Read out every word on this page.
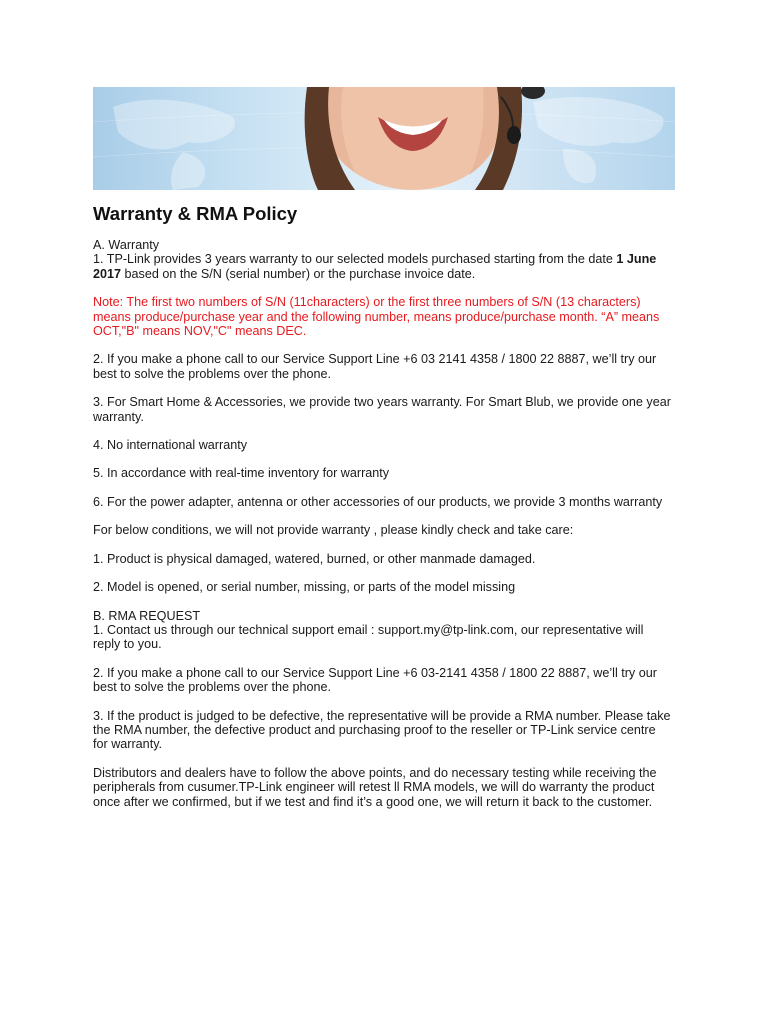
Warranty & RMA Policy

A. Warranty

1. TP-Link provides 3 years warranty to our selected models purchased starting from the date 1 June 2017 based on the S/N (serial number) or the purchase invoice date.

Note: The first two numbers of S/N (11characters) or the first three numbers of S/N (13 characters) means produce/purchase year and the following number, means produce/purchase month. “A” means OCT,"B" means NOV,"C" means DEC.

2. If you make a phone call to our Service Support Line +6 03 2141 4358 / 1800 22 8887, we’ll try our best to solve the problems over the phone.

3. For Smart Home & Accessories, we provide two years warranty. For Smart Blub, we provide one year warranty.

4. No international warranty

5. In accordance with real-time inventory for warranty

6. For the power adapter, antenna or other accessories of our products, we provide 3 months warranty

For below conditions, we will not provide warranty , please kindly check and take care:

1. Product is physical damaged, watered, burned, or other manmade damaged.

2. Model is opened, or serial number, missing, or parts of the model missing

B. RMA REQUEST

1. Contact us through our technical support email : support.my@tp-link.com, our representative will reply to you.

2. If you make a phone call to our Service Support Line +6 03-2141 4358 / 1800 22 8887, we’ll try our best to solve the problems over the phone.

3. If the product is judged to be defective, the representative will be provide a RMA number. Please take the RMA number, the defective product and purchasing proof to the reseller or TP-Link service centre for warranty.

Distributors and dealers have to follow the above points, and do necessary testing while receiving the peripherals from cusumer.TP-Link engineer will retest ll RMA models, we will do warranty the product once after we confirmed, but if we test and find it’s a good one, we will return it back to the customer.
